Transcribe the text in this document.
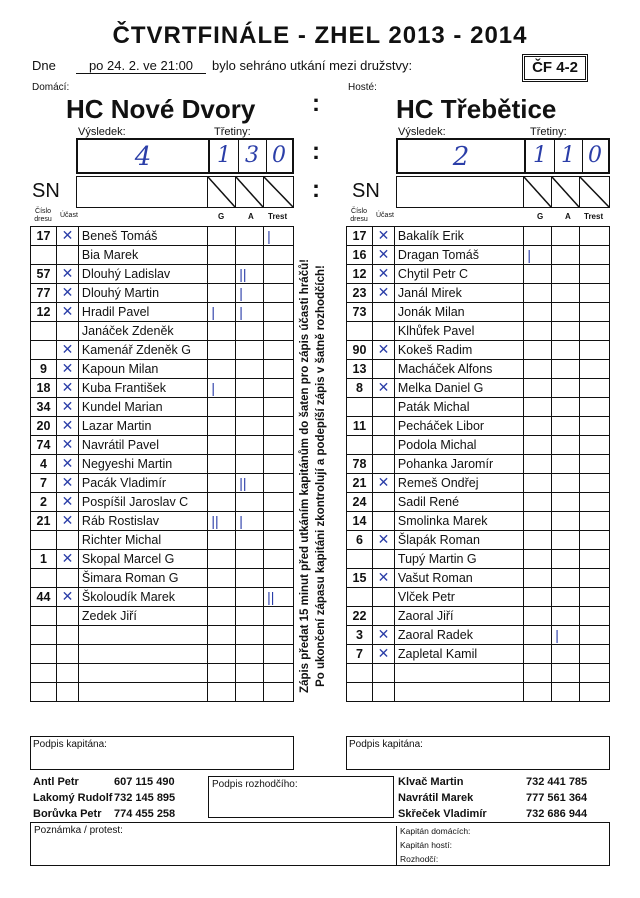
ČTVRTFINÁLE - ZHEL 2013 - 2014
Dne	po 24. 2. ve 21:00	bylo sehráno utkání mezi družstvy:	ČF 4-2
Domácí:	Hosté:
HC Nové Dvory :	HC Třebětice
Výsledek:	Třetiny:
4	1 3 0 :
Výsledek:	Třetiny:
2	1 1 0
SN	: SN
Číslo dresu
Účast	G	A Trest
Číslo dresu
Účast	G	A Trest
17	✕	Beneš Tomáš			|
		Bia Marek			
57	✕	Dlouhý Ladislav		||	
77	✕	Dlouhý Martin		|	
12	✕	Hradil Pavel	|	|	
		Janáček Zdeněk			
	✕	Kamenář Zdeněk G			
9	✕	Kapoun Milan			
18	✕	Kuba František	|		
34	✕	Kundel Marian			
20	✕	Lazar Martin			
74	✕	Navrátil Pavel			
4	✕	Negyeshi Martin			
7	✕	Pacák Vladimír		||	
2	✕	Pospíšil Jaroslav C			
21	✕	Ráb Rostislav	||	|	
		Richter Michal			
1	✕	Skopal Marcel G			
		Šimara Roman G			
44	✕	Školoudík Marek			||
		Zedek Jiří			

17	✕	Bakalík Erik			
16	✕	Dragan Tomáš	|		
12	✕	Chytil Petr C			
23	✕	Janál Mirek			
73		Jonák Milan			
		Klhůfek Pavel			
90	✕	Kokeš Radim			
13		Macháček Alfons			
8	✕	Melka Daniel G			
		Paták Michal			
11		Pecháček Libor			
		Podola Michal			
78		Pohanka Jaromír			
21	✕	Remeš Ondřej			
24		Sadil René			
14		Smolinka Marek			
6	✕	Šlapák Roman			
		Tupý Martin G			
15	✕	Vašut Roman			
		Vlček Petr			
22		Zaoral Jiří			
3	✕	Zaoral Radek		|	
7	✕	Zapletal Kamil			

Zápis předat 15 minut před utkáním kapitánům do šaten pro zápis účasti hráčů! Po ukončení zápasu kapitáni zkontrolují a podepíší zápis v šatně rozhodčích!
Podpis kapitána:	Podpis kapitána:
Antl Petr	607 115 490
Lakomý Rudolf 732 145 895
Borůvka Petr 774 455 258
Podpis rozhodčího:	Klvač Martin	732 441 785
Navrátil Marek	777 561 364
Skřeček Vladimír	732 686 944
Poznámka / protest:	Kapitán domácích:
Kapitán hostí:
Rozhodčí:
